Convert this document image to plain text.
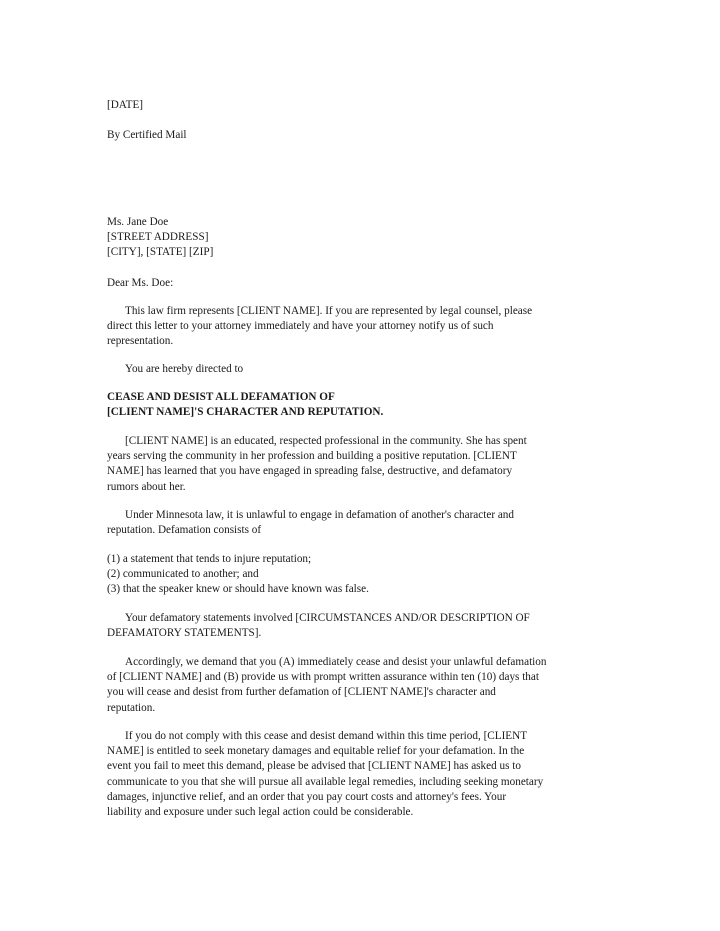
[DATE]
By Certified Mail
Ms. Jane Doe
[STREET ADDRESS]
[CITY], [STATE] [ZIP]
Dear Ms. Doe:
This law firm represents [CLIENT NAME]. If you are represented by legal counsel, please
direct this letter to your attorney immediately and have your attorney notify us of such
representation.
You are hereby directed to
CEASE AND DESIST ALL DEFAMATION OF
[CLIENT NAME]'S CHARACTER AND REPUTATION.
[CLIENT NAME] is an educated, respected professional in the community. She has spent
years serving the community in her profession and building a positive reputation. [CLIENT
NAME] has learned that you have engaged in spreading false, destructive, and defamatory
rumors about her.
Under Minnesota law, it is unlawful to engage in defamation of another's character and
reputation. Defamation consists of
(1) a statement that tends to injure reputation;
(2) communicated to another; and
(3) that the speaker knew or should have known was false.
Your defamatory statements involved [CIRCUMSTANCES AND/OR DESCRIPTION OF
DEFAMATORY STATEMENTS].
Accordingly, we demand that you (A) immediately cease and desist your unlawful defamation
of [CLIENT NAME] and (B) provide us with prompt written assurance within ten (10) days that
you will cease and desist from further defamation of [CLIENT NAME]'s character and
reputation.
If you do not comply with this cease and desist demand within this time period, [CLIENT
NAME] is entitled to seek monetary damages and equitable relief for your defamation. In the
event you fail to meet this demand, please be advised that [CLIENT NAME] has asked us to
communicate to you that she will pursue all available legal remedies, including seeking monetary
damages, injunctive relief, and an order that you pay court costs and attorney's fees. Your
liability and exposure under such legal action could be considerable.
